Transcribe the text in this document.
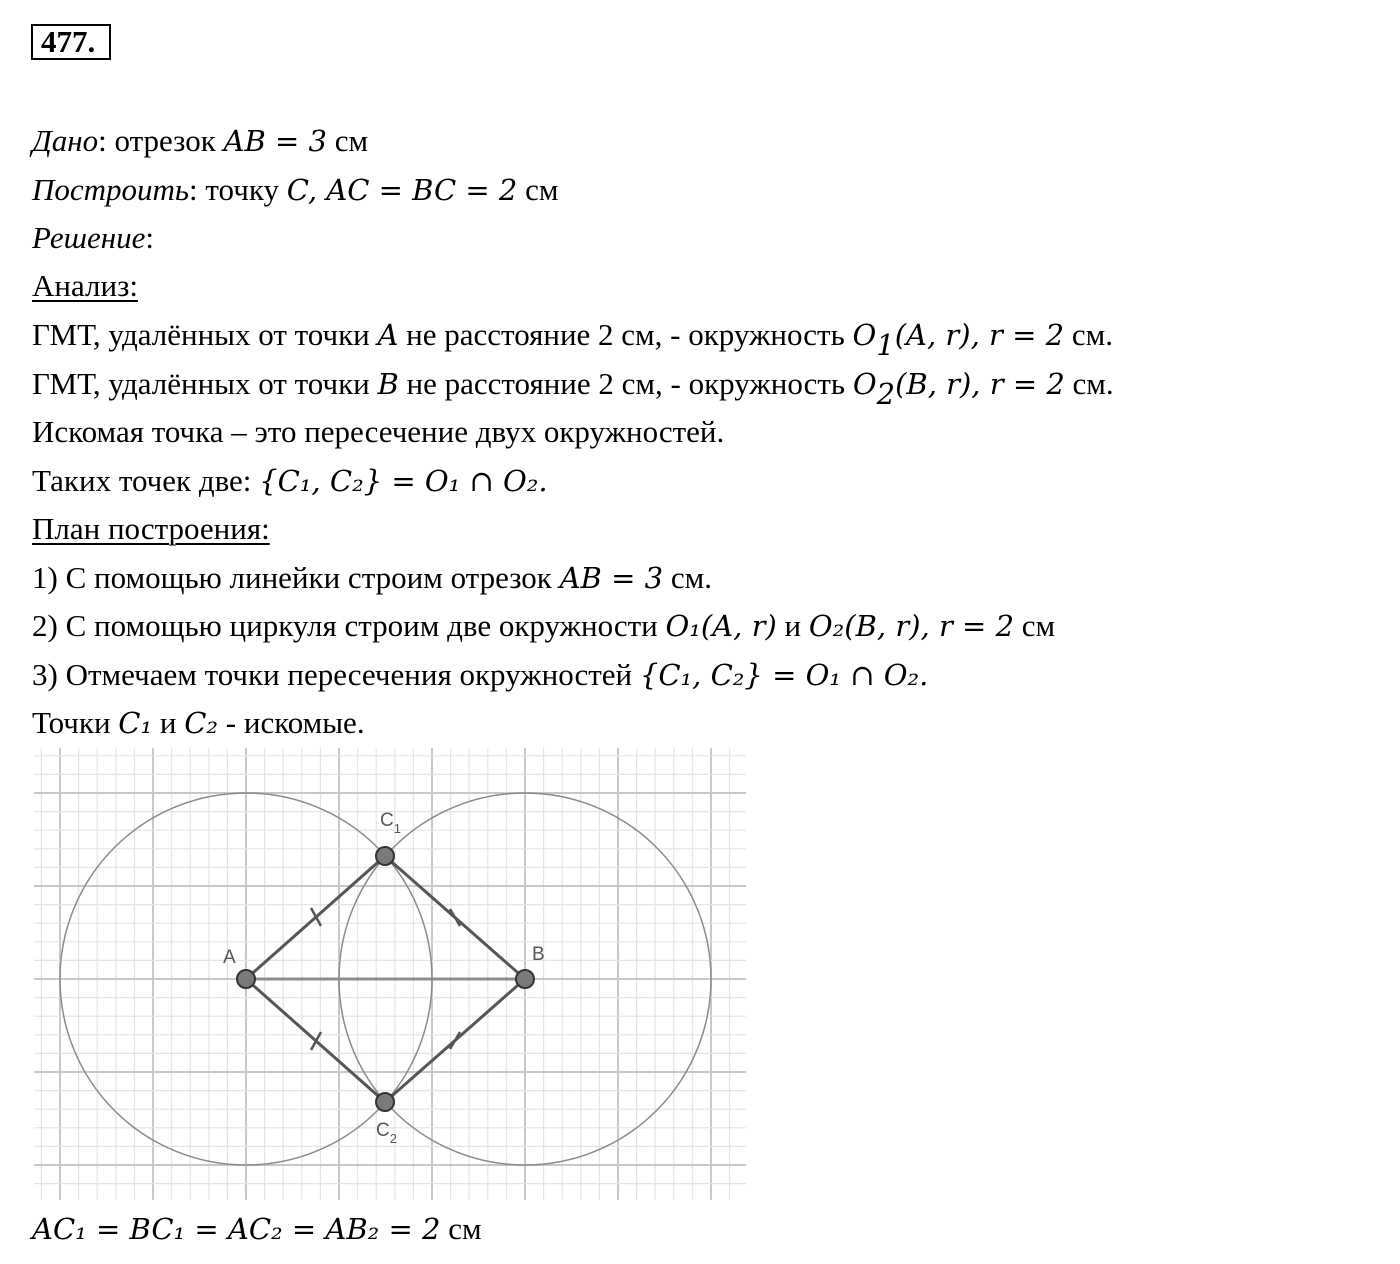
477.
Дано: отрезок AB = 3 см
Построить: точку C, AC = BC = 2 см
Решение:
Анализ:
ГМТ, удалённых от точки A не расстояние 2 см, - окружность $O_1(A$, r), r = 2 см.
ГМТ, удалённых от точки B не расстояние 2 см, - окружность $O_2(B$, r), r = 2 см.
Искомая точка – это пересечение двух окружностей.
Таких точек две: {C₁, C₂} = O₁ ∩ O₂.
План построения:
1) С помощью линейки строим отрезок AB = 3 см.
2) С помощью циркуля строим две окружности O₁(A, r) и O₂(B, r), r = 2 см
3) Отмечаем точки пересечения окружностей {C₁, C₂} = O₁ ∩ O₂.
Точки C₁ и C₂ - искомые.
A	B
$C_1$
$C_2$
AC₁ = BC₁ = AC₂ = AB₂ = 2 см
